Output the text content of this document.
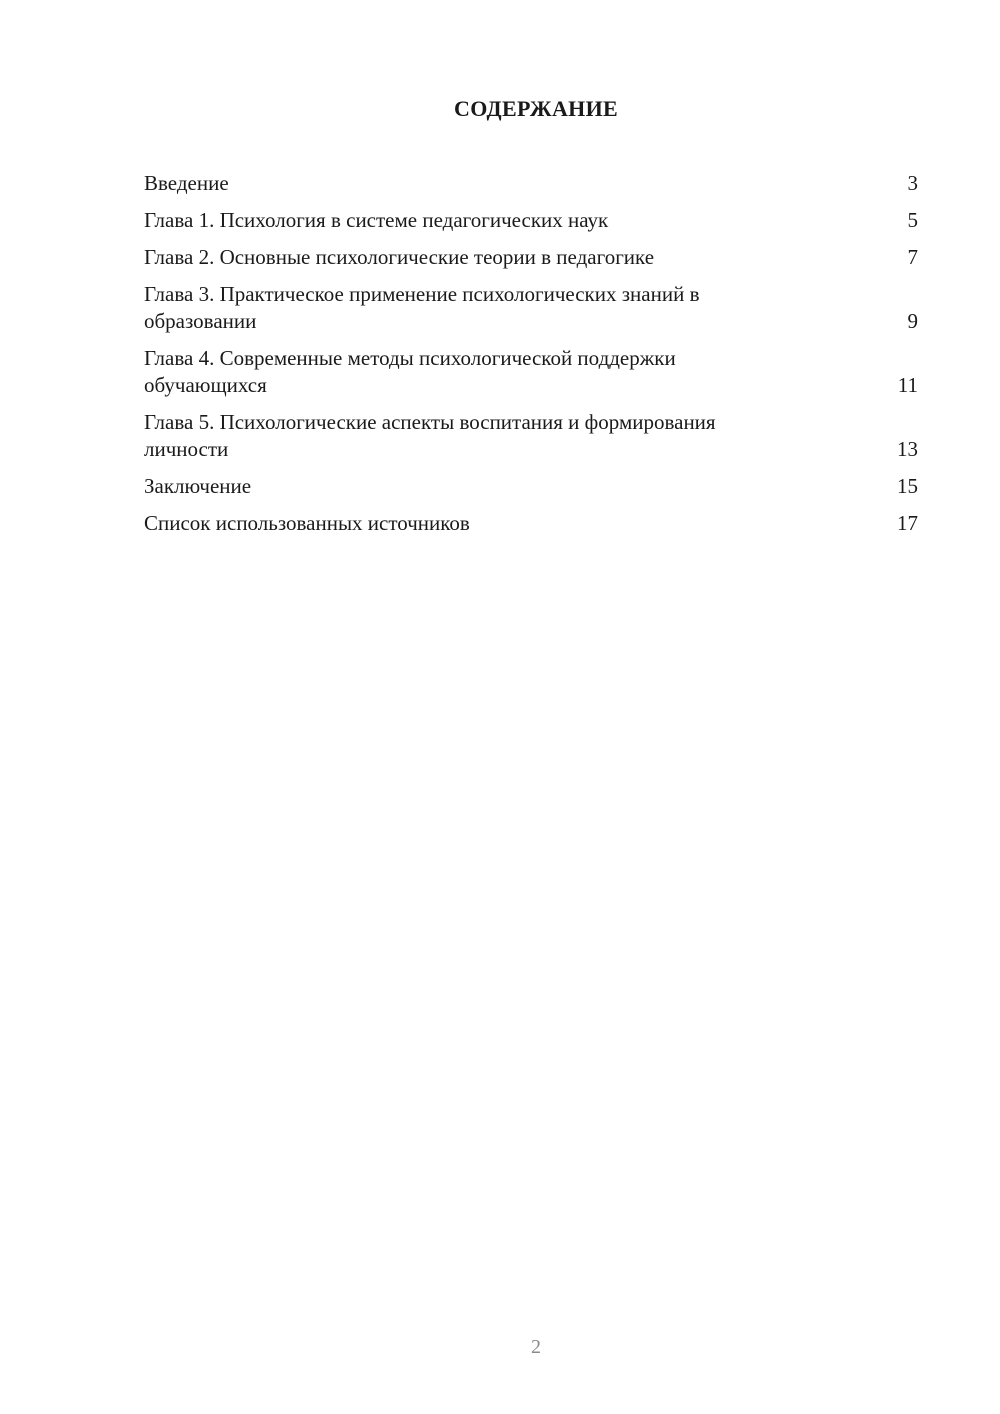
СОДЕРЖАНИЕ
Введение	3
Глава 1. Психология в системе педагогических наук	5
Глава 2. Основные психологические теории в педагогике	7
Глава 3. Практическое применение психологических знаний в
образовании	9
Глава 4. Современные методы психологической поддержки
обучающихся	11
Глава 5. Психологические аспекты воспитания и формирования
личности	13
Заключение	15
Список использованных источников	17
2
